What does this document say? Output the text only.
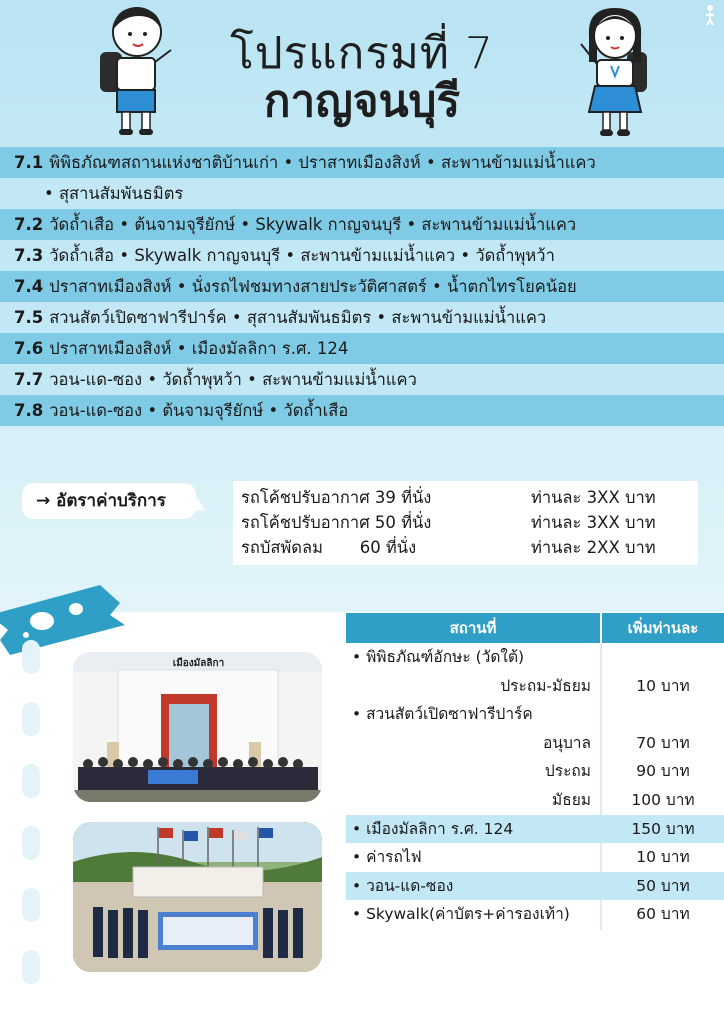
โปรแกรมที่ 7
กาญจนบุรี
7.1 พิพิธภัณฑสถานแห่งชาติบ้านเก่า • ปราสาทเมืองสิงห์ • สะพานข้ามแม่น้ำแคว
• สุสานสัมพันธมิตร
7.2 วัดถ้ำเสือ • ต้นจามจุรียักษ์ • Skywalk กาญจนบุรี • สะพานข้ามแม่น้ำแคว
7.3 วัดถ้ำเสือ • Skywalk กาญจนบุรี • สะพานข้ามแม่น้ำแคว • วัดถ้ำพุหว้า
7.4 ปราสาทเมืองสิงห์ • นั่งรถไฟชมทางสายประวัติศาสตร์ • น้ำตกไทรโยคน้อย
7.5 สวนสัตว์เปิดซาฟารีปาร์ค • สุสานสัมพันธมิตร • สะพานข้ามแม่น้ำแคว
7.6 ปราสาทเมืองสิงห์ • เมืองมัลลิกา ร.ศ. 124
7.7 วอน-แด-ซอง • วัดถ้ำพุหว้า • สะพานข้ามแม่น้ำแคว
7.8 วอน-แด-ซอง • ต้นจามจุรียักษ์ • วัดถ้ำเสือ
→ อัตราค่าบริการ	รถโค้ชปรับอากาศ 39 ที่นั่ง	ท่านละ 3XX บาท
รถโค้ชปรับอากาศ 50 ที่นั่ง	ท่านละ 3XX บาท
รถบัสพัดลม       60 ที่นั่ง	ท่านละ 2XX บาท
เมืองมัลลิกา
สถานที่	เพิ่มท่านละ
• พิพิธภัณฑ์อักษะ (วัดใต้)
ประถม-มัธยม	10 บาท
• สวนสัตว์เปิดซาฟารีปาร์ค
อนุบาล	70 บาท
ประถม	90 บาท
มัธยม	100 บาท
• เมืองมัลลิกา ร.ศ. 124	150 บาท
• ค่ารถไฟ	10 บาท
• วอน-แด-ซอง	50 บาท
• Skywalk(ค่าบัตร+ค่ารองเท้า)	60 บาท
